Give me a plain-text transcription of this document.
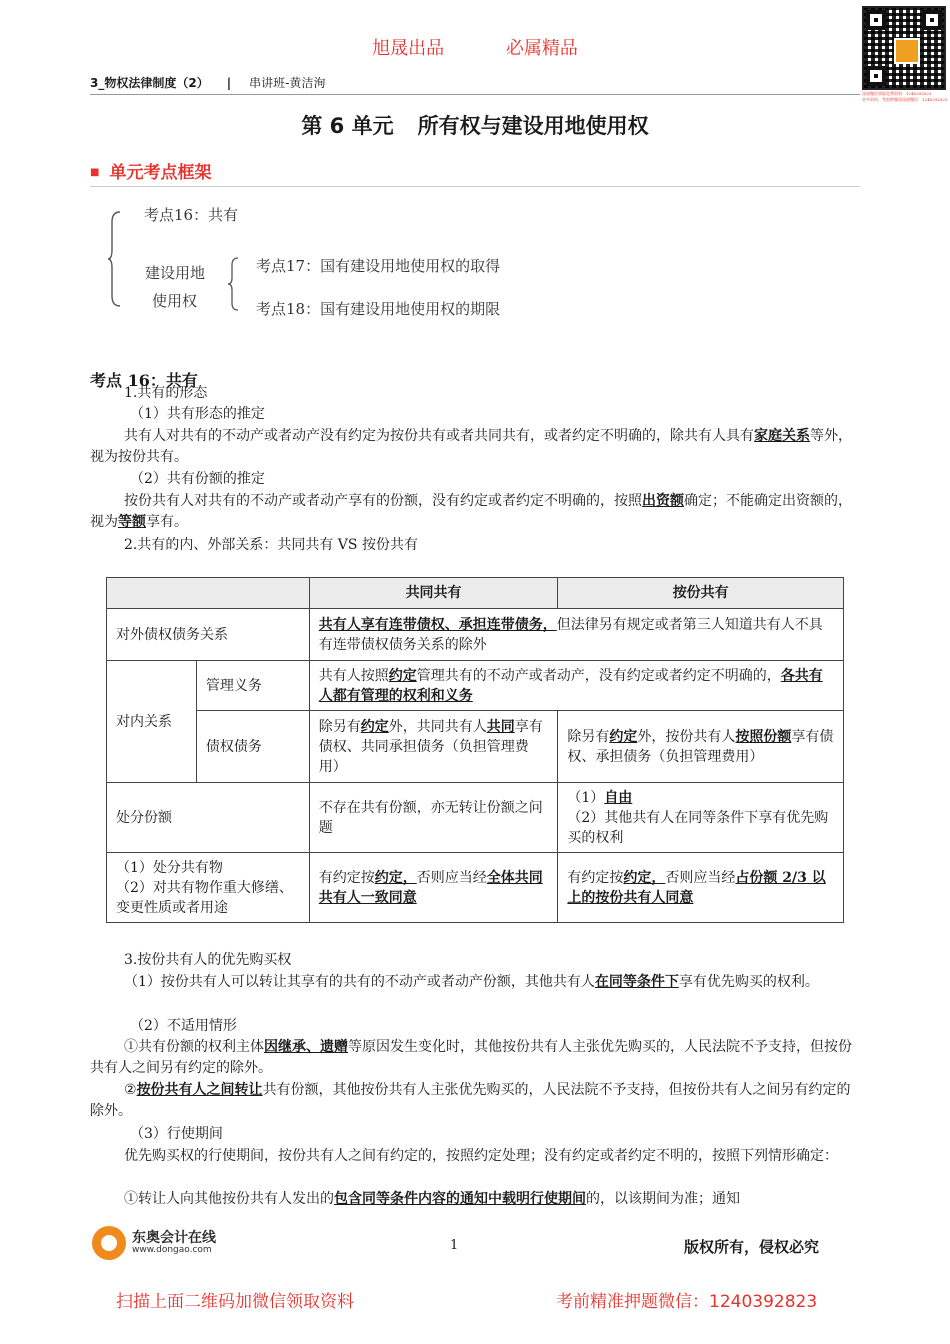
旭晟出品	必属精品
添加微信领取免费资料：1240392823
更多资料、考前押题请添加微信：1240392823
3_物权法律制度（2） | 串讲班-黄洁洵
第 6 单元 所有权与建设用地使用权
■ 单元考点框架
考点16：共有
建设用地
使用权
考点17：国有建设用地使用权的取得
考点18：国有建设用地使用权的期限
考点 16：共有
1.共有的形态
（1）共有形态的推定
共有人对共有的不动产或者动产没有约定为按份共有或者共同共有，或者约定不明确的，除共有人具有家庭关系等外，视为按份共有。
（2）共有份额的推定
按份共有人对共有的不动产或者动产享有的份额，没有约定或者约定不明确的，按照出资额确定；不能确定出资额的，视为等额享有。
2.共有的内、外部关系：共同共有 VS 按份共有
		共同共有	按份共有
对外债权债务关系		共有人享有连带债权、承担连带债务，但法律另有规定或者第三人知道共有人不具有连带债权债务关系的除外	
对内关系	管理义务	共有人按照约定管理共有的不动产或者动产，没有约定或者约定不明确的，各共有人都有管理的权利和义务	
	债权债务	除另有约定外，共同共有人共同享有债权、共同承担债务（负担管理费用）	除另有约定外，按份共有人按照份额享有债权、承担债务（负担管理费用）
处分份额		不存在共有份额，亦无转让份额之问题	（1）自由
（2）其他共有人在同等条件下享有优先购买的权利

（1）处分共有物
（2）对共有物作重大修缮、变更性质或者用途		有约定按约定，否则应当经全体共同共有人一致同意	有约定按约定，否则应当经占份额 2/3 以上的按份共有人同意
3.按份共有人的优先购买权
（1）按份共有人可以转让其享有的共有的不动产或者动产份额，其他共有人在同等条件下享有优先购买的权利。
（2）不适用情形
①共有份额的权利主体因继承、遗赠等原因发生变化时，其他按份共有人主张优先购买的，人民法院不予支持，但按份共有人之间另有约定的除外。
②按份共有人之间转让共有份额，其他按份共有人主张优先购买的，人民法院不予支持，但按份共有人之间另有约定的除外。
（3）行使期间
优先购买权的行使期间，按份共有人之间有约定的，按照约定处理；没有约定或者约定不明的，按照下列情形确定：
①转让人向其他按份共有人发出的包含同等条件内容的通知中载明行使期间的，以该期间为准；通知
东奥会计在线
www.dongao.com	1	版权所有，侵权必究
扫描上面二维码加微信领取资料	考前精准押题微信：1240392823
